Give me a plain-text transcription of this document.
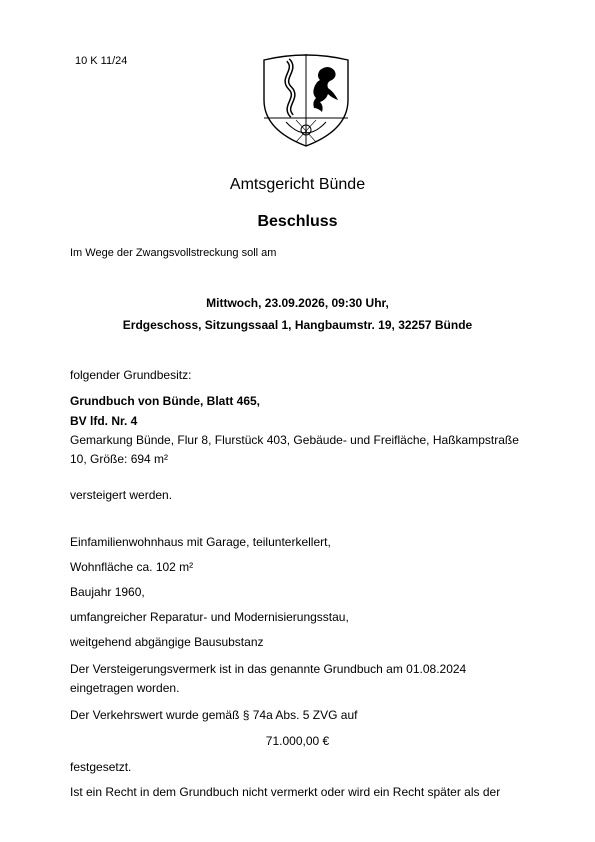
10 K 11/24
Amtsgericht Bünde
Beschluss
Im Wege der Zwangsvollstreckung soll am
Mittwoch, 23.09.2026, 09:30 Uhr,
Erdgeschoss, Sitzungssaal 1, Hangbaumstr. 19, 32257 Bünde
folgender Grundbesitz:
Grundbuch von Bünde, Blatt 465,
BV lfd. Nr. 4
Gemarkung Bünde, Flur 8, Flurstück 403, Gebäude- und Freifläche, Haßkampstraße
10, Größe: 694 m²
versteigert werden.
Einfamilienwohnhaus mit Garage, teilunterkellert,
Wohnfläche ca. 102 m²
Baujahr 1960,
umfangreicher Reparatur- und Modernisierungsstau,
weitgehend abgängige Bausubstanz
Der Versteigerungsvermerk ist in das genannte Grundbuch am 01.08.2024
eingetragen worden.
Der Verkehrswert wurde gemäß § 74a Abs. 5 ZVG auf
71.000,00 €
festgesetzt.
Ist ein Recht in dem Grundbuch nicht vermerkt oder wird ein Recht später als der
